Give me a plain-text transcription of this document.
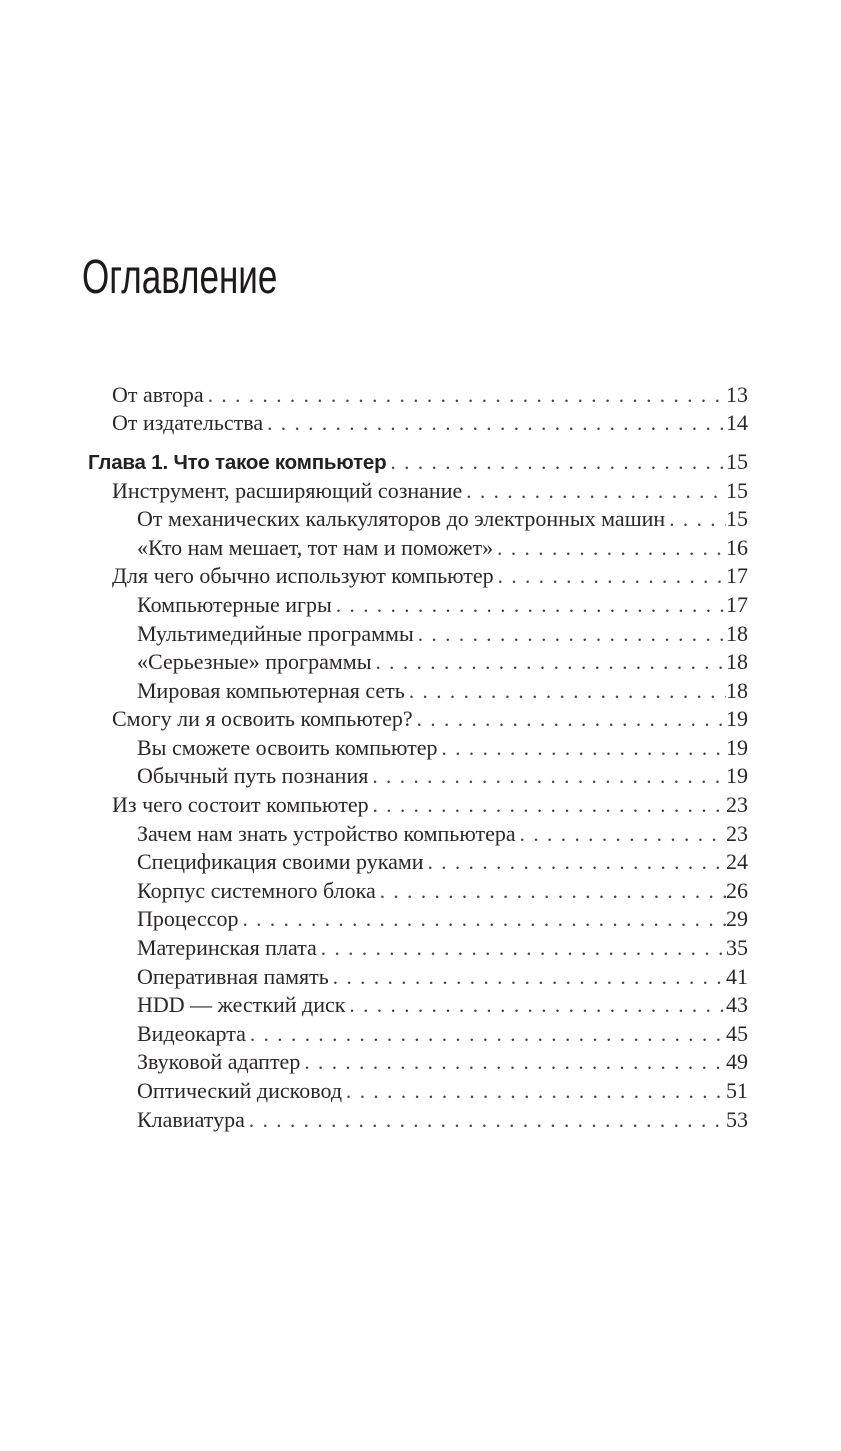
Оглавление
От автора . . .	13
От издательства . . .	14
Глава 1. Что такое компьютер . . .	15
Инструмент, расширяющий сознание . . .	15
От механических калькуляторов до электронных машин . . .	15
«Кто нам мешает, тот нам и поможет» . . .	16
Для чего обычно используют компьютер . . .	17
Компьютерные игры . . .	17
Мультимедийные программы . . .	18
«Серьезные» программы . . .	18
Мировая компьютерная сеть . . .	18
Смогу ли я освоить компьютер? . . .	19
Вы сможете освоить компьютер . . .	19
Обычный путь познания . . .	19
Из чего состоит компьютер . . .	23
Зачем нам знать устройство компьютера . . .	23
Спецификация своими руками . . .	24
Корпус системного блока . . .	26
Процессор . . .	29
Материнская плата . . .	35
Оперативная память . . .	41
HDD — жесткий диск . . .	43
Видеокарта . . .	45
Звуковой адаптер . . .	49
Оптический дисковод . . .	51
Клавиатура . . .	53
